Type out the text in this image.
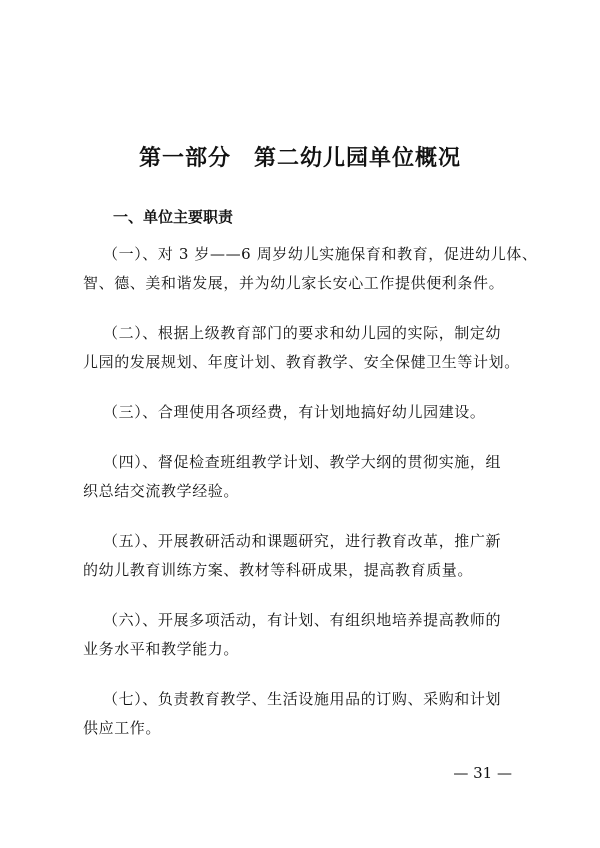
第一部分　第二幼儿园单位概况
一、单位主要职责

（一）、对 3 岁——6 周岁幼儿实施保育和教育，促进幼儿体、
智、德、美和谐发展，并为幼儿家长安心工作提供便利条件。

（二）、根据上级教育部门的要求和幼儿园的实际，制定幼
儿园的发展规划、年度计划、教育教学、安全保健卫生等计划。

（三）、合理使用各项经费，有计划地搞好幼儿园建设。

（四）、督促检查班组教学计划、教学大纲的贯彻实施，组
织总结交流教学经验。

（五）、开展教研活动和课题研究，进行教育改革，推广新
的幼儿教育训练方案、教材等科研成果，提高教育质量。

（六）、开展多项活动，有计划、有组织地培养提高教师的
业务水平和教学能力。

（七）、负责教育教学、生活设施用品的订购、采购和计划
供应工作。

— 31 —
